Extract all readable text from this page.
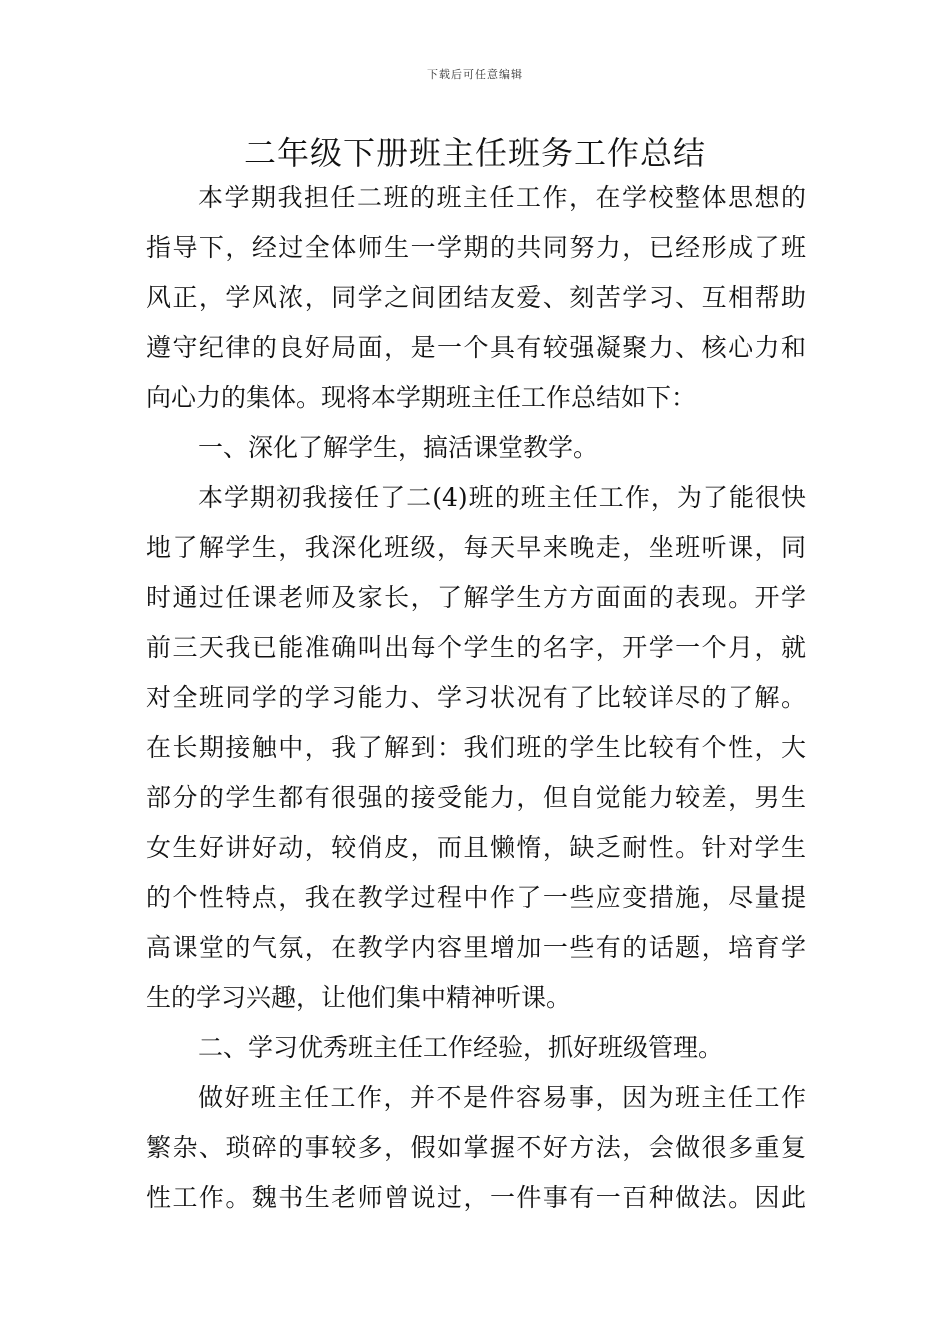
下载后可任意编辑
二年级下册班主任班务工作总结
本学期我担任二班的班主任工作，在学校整体思想的
指导下，经过全体师生一学期的共同努力，已经形成了班
风正，学风浓，同学之间团结友爱、刻苦学习、互相帮助
遵守纪律的良好局面，是一个具有较强凝聚力、核心力和
向心力的集体。现将本学期班主任工作总结如下：
一、深化了解学生，搞活课堂教学。
本学期初我接任了二(4)班的班主任工作，为了能很快
地了解学生，我深化班级，每天早来晚走，坐班听课，同
时通过任课老师及家长，了解学生方方面面的表现。开学
前三天我已能准确叫出每个学生的名字，开学一个月，就
对全班同学的学习能力、学习状况有了比较详尽的了解。
在长期接触中，我了解到：我们班的学生比较有个性，大
部分的学生都有很强的接受能力，但自觉能力较差，男生
女生好讲好动，较俏皮，而且懒惰，缺乏耐性。针对学生
的个性特点，我在教学过程中作了一些应变措施，尽量提
高课堂的气氛，在教学内容里增加一些有的话题，培育学
生的学习兴趣，让他们集中精神听课。
二、学习优秀班主任工作经验，抓好班级管理。
做好班主任工作，并不是件容易事，因为班主任工作
繁杂、琐碎的事较多，假如掌握不好方法，会做很多重复
性工作。魏书生老师曾说过，一件事有一百种做法。因此
